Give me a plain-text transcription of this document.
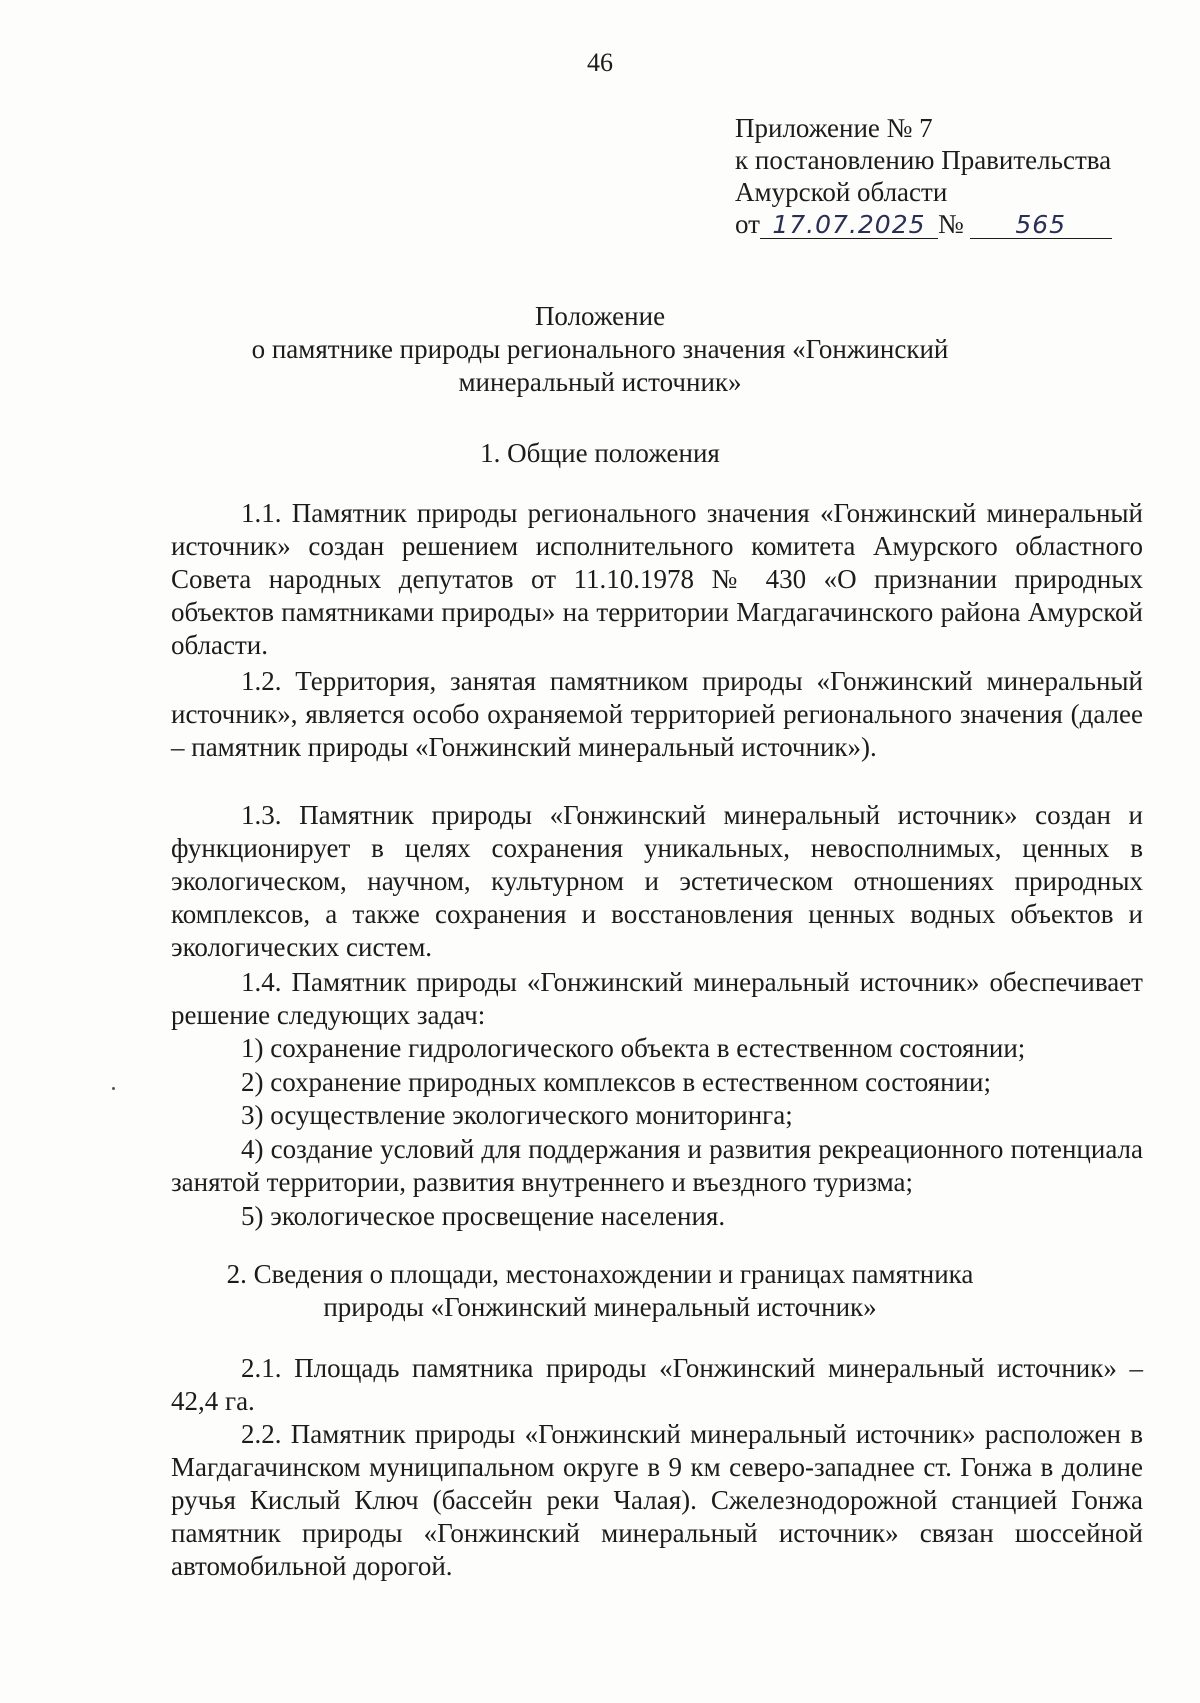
46
Приложение № 7
к постановлению Правительства
Амурской области
от 17.07.2025 № 565
Положение
о памятнике природы регионального значения «Гонжинский
минеральный источник»
1. Общие положения
1.1. Памятник природы регионального значения «Гонжинский минеральный источник» создан решением исполнительного комитета Амурского областного Совета народных депутатов от 11.10.1978 № 430 «О признании природных объектов памятниками природы» на территории Магдагачинского района Амурской области.
1.2. Территория, занятая памятником природы «Гонжинский минеральный источник», является особо охраняемой территорией регионального значения (далее – памятник природы «Гонжинский минеральный источник»).
1.3. Памятник природы «Гонжинский минеральный источник» создан и функционирует в целях сохранения уникальных, невосполнимых, ценных в экологическом, научном, культурном и эстетическом отношениях природных комплексов, а также сохранения и восстановления ценных водных объектов и экологических систем.
1.4. Памятник природы «Гонжинский минеральный источник» обеспечивает решение следующих задач:
1) сохранение гидрологического объекта в естественном состоянии;
2) сохранение природных комплексов в естественном состоянии;
3) осуществление экологического мониторинга;
4) создание условий для поддержания и развития рекреационного потенциала занятой территории, развития внутреннего и въездного туризма;
5) экологическое просвещение населения.
2. Сведения о площади, местонахождении и границах памятника
природы «Гонжинский минеральный источник»
2.1. Площадь памятника природы «Гонжинский минеральный источник» – 42,4 га.
2.2. Памятник природы «Гонжинский минеральный источник» расположен в Магдагачинском муниципальном округе в 9 км северо-западнее ст. Гонжа в долине ручья Кислый Ключ (бассейн реки Чалая). Сжелезнодорожной станцией Гонжа памятник природы «Гонжинский минеральный источник» связан шоссейной автомобильной дорогой.
